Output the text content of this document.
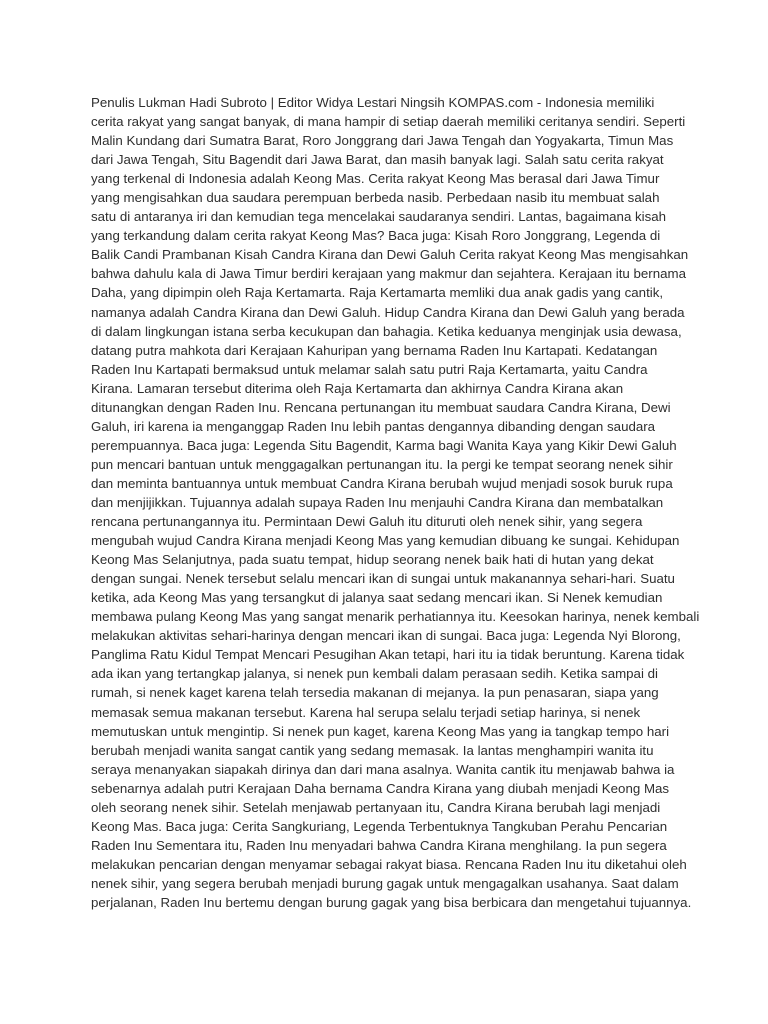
Penulis Lukman Hadi Subroto | Editor Widya Lestari Ningsih KOMPAS.com - Indonesia memiliki
cerita rakyat yang sangat banyak, di mana hampir di setiap daerah memiliki ceritanya sendiri. Seperti
Malin Kundang dari Sumatra Barat, Roro Jonggrang dari Jawa Tengah dan Yogyakarta, Timun Mas
dari Jawa Tengah, Situ Bagendit dari Jawa Barat, dan masih banyak lagi. Salah satu cerita rakyat
yang terkenal di Indonesia adalah Keong Mas. Cerita rakyat Keong Mas berasal dari Jawa Timur
yang mengisahkan dua saudara perempuan berbeda nasib. Perbedaan nasib itu membuat salah
satu di antaranya iri dan kemudian tega mencelakai saudaranya sendiri. Lantas, bagaimana kisah
yang terkandung dalam cerita rakyat Keong Mas? Baca juga: Kisah Roro Jonggrang, Legenda di
Balik Candi Prambanan Kisah Candra Kirana dan Dewi Galuh Cerita rakyat Keong Mas mengisahkan
bahwa dahulu kala di Jawa Timur berdiri kerajaan yang makmur dan sejahtera. Kerajaan itu bernama
Daha, yang dipimpin oleh Raja Kertamarta. Raja Kertamarta memliki dua anak gadis yang cantik,
namanya adalah Candra Kirana dan Dewi Galuh. Hidup Candra Kirana dan Dewi Galuh yang berada
di dalam lingkungan istana serba kecukupan dan bahagia. Ketika keduanya menginjak usia dewasa,
datang putra mahkota dari Kerajaan Kahuripan yang bernama Raden Inu Kartapati. Kedatangan
Raden Inu Kartapati bermaksud untuk melamar salah satu putri Raja Kertamarta, yaitu Candra
Kirana. Lamaran tersebut diterima oleh Raja Kertamarta dan akhirnya Candra Kirana akan
ditunangkan dengan Raden Inu. Rencana pertunangan itu membuat saudara Candra Kirana, Dewi
Galuh, iri karena ia menganggap Raden Inu lebih pantas dengannya dibanding dengan saudara
perempuannya. Baca juga: Legenda Situ Bagendit, Karma bagi Wanita Kaya yang Kikir Dewi Galuh
pun mencari bantuan untuk menggagalkan pertunangan itu. Ia pergi ke tempat seorang nenek sihir
dan meminta bantuannya untuk membuat Candra Kirana berubah wujud menjadi sosok buruk rupa
dan menjijikkan. Tujuannya adalah supaya Raden Inu menjauhi Candra Kirana dan membatalkan
rencana pertunangannya itu. Permintaan Dewi Galuh itu dituruti oleh nenek sihir, yang segera
mengubah wujud Candra Kirana menjadi Keong Mas yang kemudian dibuang ke sungai. Kehidupan
Keong Mas Selanjutnya, pada suatu tempat, hidup seorang nenek baik hati di hutan yang dekat
dengan sungai. Nenek tersebut selalu mencari ikan di sungai untuk makanannya sehari-hari. Suatu
ketika, ada Keong Mas yang tersangkut di jalanya saat sedang mencari ikan. Si Nenek kemudian
membawa pulang Keong Mas yang sangat menarik perhatiannya itu. Keesokan harinya, nenek kembali
melakukan aktivitas sehari-harinya dengan mencari ikan di sungai. Baca juga: Legenda Nyi Blorong,
Panglima Ratu Kidul Tempat Mencari Pesugihan Akan tetapi, hari itu ia tidak beruntung. Karena tidak
ada ikan yang tertangkap jalanya, si nenek pun kembali dalam perasaan sedih. Ketika sampai di
rumah, si nenek kaget karena telah tersedia makanan di mejanya. Ia pun penasaran, siapa yang
memasak semua makanan tersebut. Karena hal serupa selalu terjadi setiap harinya, si nenek
memutuskan untuk mengintip. Si nenek pun kaget, karena Keong Mas yang ia tangkap tempo hari
berubah menjadi wanita sangat cantik yang sedang memasak. Ia lantas menghampiri wanita itu
seraya menanyakan siapakah dirinya dan dari mana asalnya. Wanita cantik itu menjawab bahwa ia
sebenarnya adalah putri Kerajaan Daha bernama Candra Kirana yang diubah menjadi Keong Mas
oleh seorang nenek sihir. Setelah menjawab pertanyaan itu, Candra Kirana berubah lagi menjadi
Keong Mas. Baca juga: Cerita Sangkuriang, Legenda Terbentuknya Tangkuban Perahu Pencarian
Raden Inu Sementara itu, Raden Inu menyadari bahwa Candra Kirana menghilang. Ia pun segera
melakukan pencarian dengan menyamar sebagai rakyat biasa. Rencana Raden Inu itu diketahui oleh
nenek sihir, yang segera berubah menjadi burung gagak untuk mengagalkan usahanya. Saat dalam
perjalanan, Raden Inu bertemu dengan burung gagak yang bisa berbicara dan mengetahui tujuannya.
